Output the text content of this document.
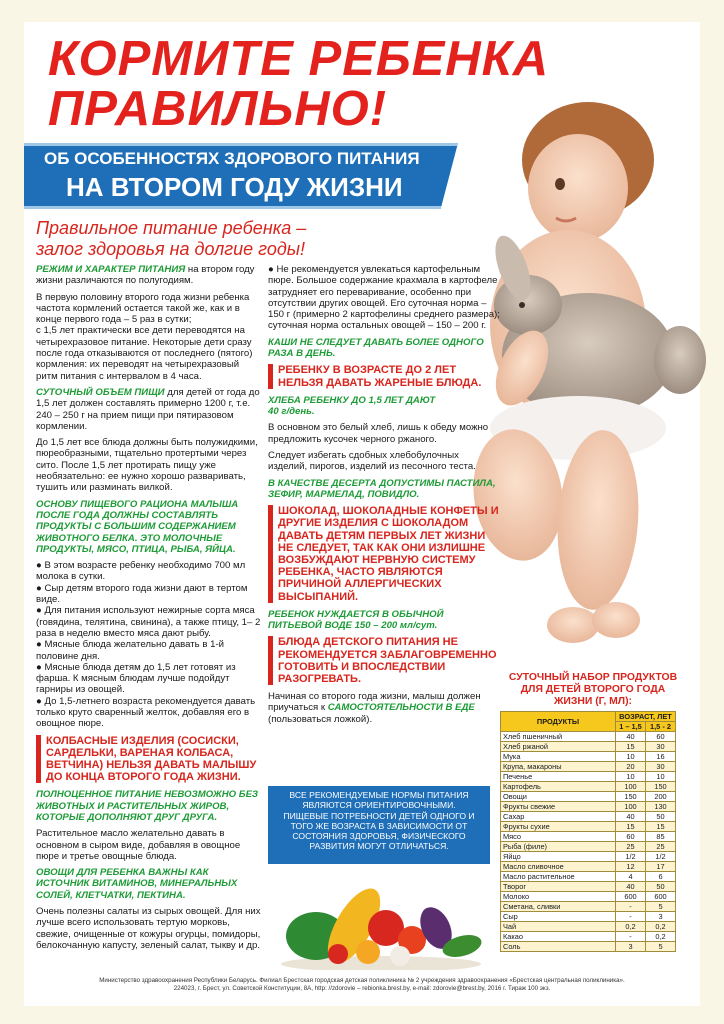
КОРМИТЕ РЕБЕНКА
ПРАВИЛЬНО!
ОБ ОСОБЕННОСТЯХ ЗДОРОВОГО ПИТАНИЯ
НА ВТОРОМ ГОДУ ЖИЗНИ
Правильное питание ребенка –
залог здоровья на долгие годы!

РЕЖИМ И ХАРАКТЕР ПИТАНИЯ на втором году жизни различаются по полугодиям.

В первую половину второго года жизни ребенка частота кормлений остается такой же, как и в конце первого года – 5 раз в сутки;
с 1,5 лет практически все дети переводятся на четырехразовое питание. Некоторые дети сразу после года отказываются от последнего (пятого) кормления: их переводят на четырехразовый ритм питания с интервалом в 4 часа.

СУТОЧНЫЙ ОБЪЕМ ПИЩИ для детей от года до 1,5 лет должен составлять примерно 1200 г, т.е. 240 – 250 г на прием пищи при пятиразовом кормлении.

До 1,5 лет все блюда должны быть полужидкими, пюреобразными, тщательно протертыми через сито. После 1,5 лет протирать пищу уже необязательно: ее нужно хорошо разваривать, тушить или разминать вилкой.

ОСНОВУ ПИЩЕВОГО РАЦИОНА МАЛЫША ПОСЛЕ ГОДА ДОЛЖНЫ СОСТАВЛЯТЬ ПРОДУКТЫ С БОЛЬШИМ СОДЕРЖАНИЕМ ЖИВОТНОГО БЕЛКА. ЭТО МОЛОЧНЫЕ ПРОДУКТЫ, МЯСО, ПТИЦА, РЫБА, ЯЙЦА.

● В этом возрасте ребенку необходимо 700 мл молока в сутки.
● Сыр детям второго года жизни дают в тертом виде.
● Для питания используют нежирные сорта мяса (говядина, телятина, свинина), а также птицу, 1– 2 раза в неделю вместо мяса дают рыбу.
● Мясные блюда желательно давать в 1-й половине дня.
● Мясные блюда детям до 1,5 лет готовят из фарша. К мясным блюдам лучше подойдут гарниры из овощей.
● До 1,5-летнего возраста рекомендуется давать только круто сваренный желток, добавляя его в овощное пюре.

КОЛБАСНЫЕ ИЗДЕЛИЯ (СОСИСКИ, САРДЕЛЬКИ, ВАРЕНАЯ КОЛБАСА, ВЕТЧИНА) НЕЛЬЗЯ ДАВАТЬ МАЛЫШУ ДО КОНЦА ВТОРОГО ГОДА ЖИЗНИ.

ПОЛНОЦЕННОЕ ПИТАНИЕ НЕВОЗМОЖНО БЕЗ ЖИВОТНЫХ И РАСТИТЕЛЬНЫХ ЖИРОВ, КОТОРЫЕ ДОПОЛНЯЮТ ДРУГ ДРУГА.

Растительное масло желательно давать в основном в сыром виде, добавляя в овощное пюре и третье овощные блюда.

ОВОЩИ ДЛЯ РЕБЕНКА ВАЖНЫ КАК ИСТОЧНИК ВИТАМИНОВ, МИНЕРАЛЬНЫХ СОЛЕЙ, КЛЕТЧАТКИ, ПЕКТИНА.

Очень полезны салаты из сырых овощей. Для них лучше всего использовать тертую морковь, свежие, очищенные от кожуры огурцы, помидоры, белокочанную капусту, зеленый салат, тыкву и др.

● Не рекомендуется увлекаться картофельным пюре. Большое содержание крахмала в картофеле затрудняет его переваривание, особенно при отсутствии других овощей. Его суточная норма – 150 г (примерно 2 картофелины среднего размера); суточная норма остальных овощей – 150 – 200 г.

КАШИ НЕ СЛЕДУЕТ ДАВАТЬ БОЛЕЕ ОДНОГО РАЗА В ДЕНЬ.

РЕБЕНКУ В ВОЗРАСТЕ ДО 2 ЛЕТ НЕЛЬЗЯ ДАВАТЬ ЖАРЕНЫЕ БЛЮДА.

ХЛЕБА РЕБЕНКУ ДО 1,5 ЛЕТ ДАЮТ
40 г/день.

В основном это белый хлеб, лишь к обеду можно предложить кусочек черного ржаного.

Следует избегать сдобных хлебобулочных изделий, пирогов, изделий из песочного теста.

В КАЧЕСТВЕ ДЕСЕРТА ДОПУСТИМЫ ПАСТИЛА, ЗЕФИР, МАРМЕЛАД, ПОВИДЛО.

ШОКОЛАД, ШОКОЛАДНЫЕ КОНФЕТЫ И ДРУГИЕ ИЗДЕЛИЯ С ШОКОЛАДОМ ДАВАТЬ ДЕТЯМ ПЕРВЫХ ЛЕТ ЖИЗНИ НЕ СЛЕДУЕТ, ТАК КАК ОНИ ИЗЛИШНЕ ВОЗБУЖДАЮТ НЕРВНУЮ СИСТЕМУ РЕБЕНКА, ЧАСТО ЯВЛЯЮТСЯ ПРИЧИНОЙ АЛЛЕРГИЧЕСКИХ ВЫСЫПАНИЙ.

РЕБЕНОК НУЖДАЕТСЯ В ОБЫЧНОЙ ПИТЬЕВОЙ ВОДЕ 150 – 200 мл/сут.

БЛЮДА ДЕТСКОГО ПИТАНИЯ НЕ РЕКОМЕНДУЕТСЯ ЗАБЛАГОВРЕМЕННО ГОТОВИТЬ И ВПОСЛЕДСТВИИ РАЗОГРЕВАТЬ.

Начиная со второго года жизни, малыш должен приучаться к САМОСТОЯТЕЛЬНОСТИ В ЕДЕ (пользоваться ложкой).

ВСЕ РЕКОМЕНДУЕМЫЕ НОРМЫ ПИТАНИЯ ЯВЛЯЮТСЯ ОРИЕНТИРОВОЧНЫМИ.
ПИЩЕВЫЕ ПОТРЕБНОСТИ ДЕТЕЙ ОДНОГО И ТОГО ЖЕ ВОЗРАСТА В ЗАВИСИМОСТИ ОТ СОСТОЯНИЯ ЗДОРОВЬЯ, ФИЗИЧЕСКОГО РАЗВИТИЯ МОГУТ ОТЛИЧАТЬСЯ.
СУТОЧНЫЙ НАБОР ПРОДУКТОВ ДЛЯ ДЕТЕЙ ВТОРОГО ГОДА ЖИЗНИ (Г, МЛ):
ПРОДУКТЫ	ВОЗРАСТ, ЛЕТ	
	1 – 1,5	1,5 - 2
Хлеб пшеничный	40	60
Хлеб ржаной	15	30
Мука	10	16
Крупа, макароны	20	30
Печенье	10	10
Картофель	100	150
Овощи	150	200
Фрукты свежие	100	130
Сахар	40	50
Фрукты сухие	15	15
Мясо	60	85
Рыба (филе)	25	25
Яйцо	1/2	1/2
Масло сливочное	12	17
Масло растительное	4	6
Творог	40	50
Молоко	600	600
Сметана, сливки	-	5
Сыр	-	3
Чай	0,2	0,2
Какао	-	0,2
Соль	3	5
Министерство здравоохранения Республики Беларусь. Филиал Брестская городская детская поликлиника № 2 учреждения здравоохранения «Брестская центральная поликлиника».
224023, г. Брест, ул. Советской Конституции, 8А, http: //zdorovie – rebionka.brest.by, e-mail: zdorovie@brest.by, 2016 г. Тираж 100 экз.
